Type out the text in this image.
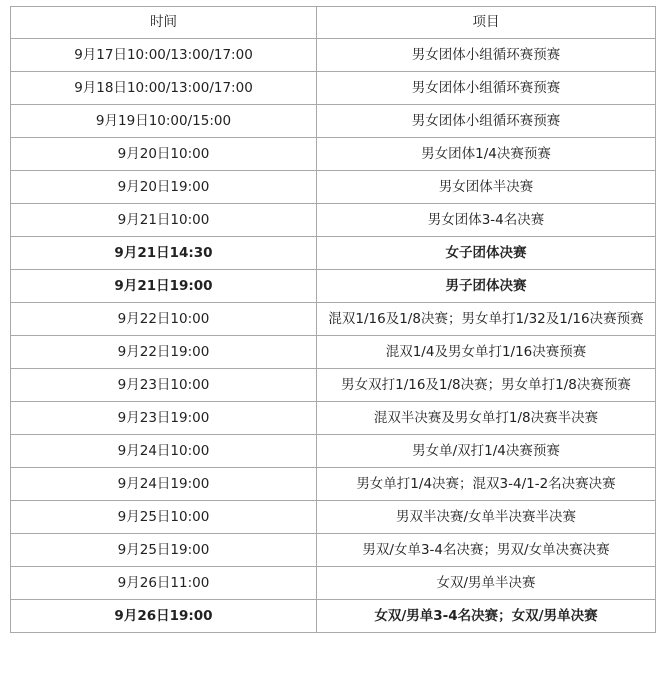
时间	项目
9月17日10:00/13:00/17:00	男女团体小组循环赛预赛
9月18日10:00/13:00/17:00	男女团体小组循环赛预赛
9月19日10:00/15:00	男女团体小组循环赛预赛
9月20日10:00	男女团体1/4决赛预赛
9月20日19:00	男女团体半决赛
9月21日10:00	男女团体3-4名决赛
9月21日14:30	女子团体决赛
9月21日19:00	男子团体决赛
9月22日10:00	混双1/16及1/8决赛；男女单打1/32及1/16决赛预赛
9月22日19:00	混双1/4及男女单打1/16决赛预赛
9月23日10:00	男女双打1/16及1/8决赛；男女单打1/8决赛预赛
9月23日19:00	混双半决赛及男女单打1/8决赛半决赛
9月24日10:00	男女单/双打1/4决赛预赛
9月24日19:00	男女单打1/4决赛；混双3-4/1-2名决赛决赛
9月25日10:00	男双半决赛/女单半决赛半决赛
9月25日19:00	男双/女单3-4名决赛；男双/女单决赛决赛
9月26日11:00	女双/男单半决赛
9月26日19:00	女双/男单3-4名决赛；女双/男单决赛
